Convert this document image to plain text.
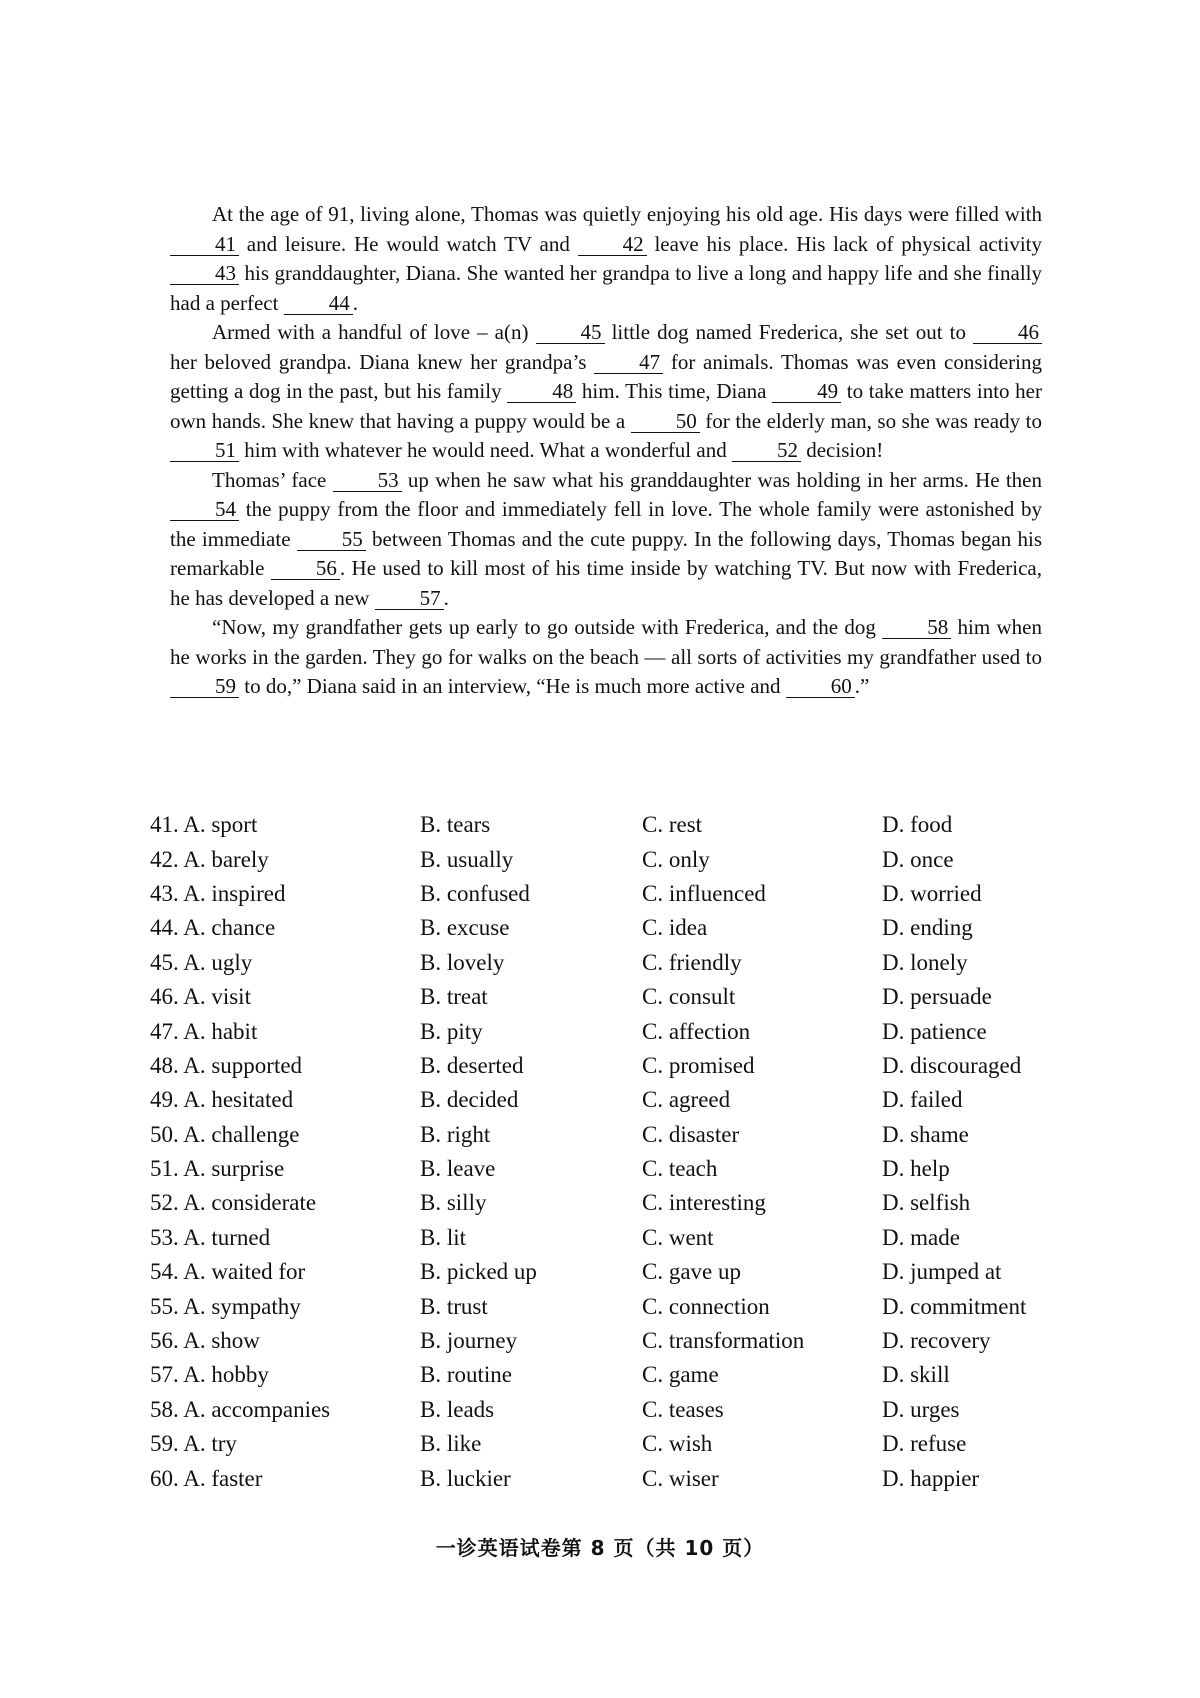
At the age of 91, living alone, Thomas was quietly enjoying his old age. His days were filled with 41 and leisure. He would watch TV and 42 leave his place. His lack of physical activity 43 his granddaughter, Diana. She wanted her grandpa to live a long and happy life and she finally had a perfect 44 .

Armed with a handful of love – a(n) 45 little dog named Frederica, she set out to 46 her beloved grandpa. Diana knew her grandpa’s 47 for animals. Thomas was even considering getting a dog in the past, but his family 48 him. This time, Diana 49 to take matters into her own hands. She knew that having a puppy would be a 50 for the elderly man, so she was ready to 51 him with whatever he would need. What a wonderful and 52 decision!

Thomas’ face 53 up when he saw what his granddaughter was holding in her arms. He then 54 the puppy from the floor and immediately fell in love. The whole family were astonished by the immediate 55 between Thomas and the cute puppy. In the following days, Thomas began his remarkable 56 . He used to kill most of his time inside by watching TV. But now with Frederica, he has developed a new 57 .

“Now, my grandfather gets up early to go outside with Frederica, and the dog 58 him when he works in the garden. They go for walks on the beach — all sorts of activities my grandfather used to 59 to do,” Diana said in an interview, “He is much more active and 60 .”

41. A. sport	B. tears	C. rest	D. food
42. A. barely	B. usually	C. only	D. once
43. A. inspired	B. confused	C. influenced	D. worried
44. A. chance	B. excuse	C. idea	D. ending
45. A. ugly	B. lovely	C. friendly	D. lonely
46. A. visit	B. treat	C. consult	D. persuade
47. A. habit	B. pity	C. affection	D. patience
48. A. supported	B. deserted	C. promised	D. discouraged
49. A. hesitated	B. decided	C. agreed	D. failed
50. A. challenge	B. right	C. disaster	D. shame
51. A. surprise	B. leave	C. teach	D. help
52. A. considerate	B. silly	C. interesting	D. selfish
53. A. turned	B. lit	C. went	D. made
54. A. waited for	B. picked up	C. gave up	D. jumped at
55. A. sympathy	B. trust	C. connection	D. commitment
56. A. show	B. journey	C. transformation	D. recovery
57. A. hobby	B. routine	C. game	D. skill
58. A. accompanies	B. leads	C. teases	D. urges
59. A. try	B. like	C. wish	D. refuse
60. A. faster	B. luckier	C. wiser	D. happier
一诊英语试卷第 8 页（共 10 页）
